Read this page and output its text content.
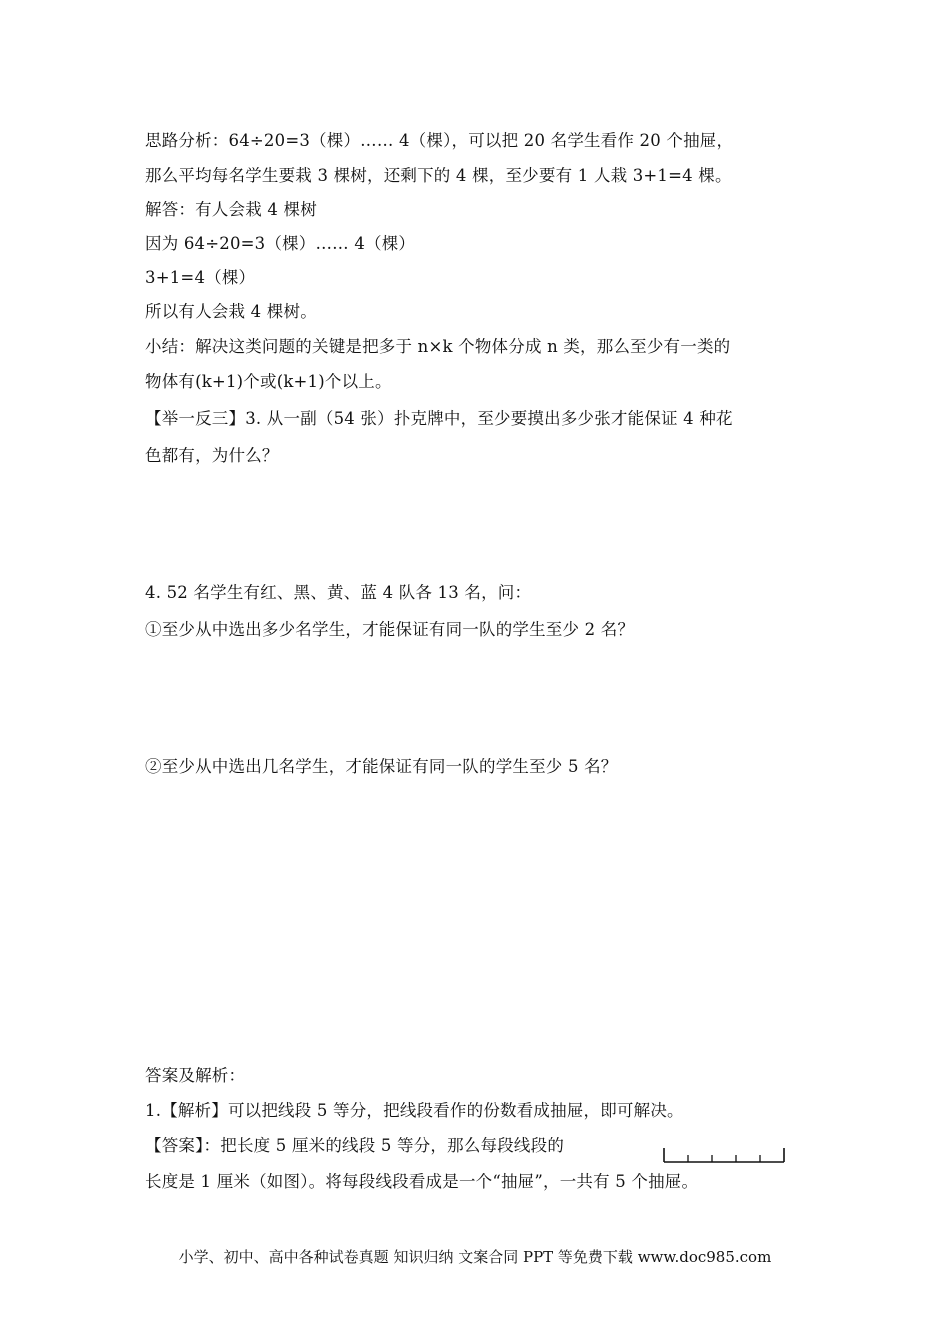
思路分析：64÷20=3（棵）…… 4（棵），可以把 20 名学生看作 20 个抽屉，
那么平均每名学生要栽 3 棵树，还剩下的 4 棵，至少要有 1 人栽 3+1=4 棵。
解答：有人会栽 4 棵树
因为 64÷20=3（棵）…… 4（棵）
3+1=4（棵）
所以有人会栽 4 棵树。
小结：解决这类问题的关键是把多于 n×k 个物体分成 n 类，那么至少有一类的
物体有(k+1)个或(k+1)个以上。
【举一反三】3. 从一副（54 张）扑克牌中，至少要摸出多少张才能保证 4 种花
色都有，为什么？
4. 52 名学生有红、黑、黄、蓝 4 队各 13 名，问：
①至少从中选出多少名学生，才能保证有同一队的学生至少 2 名？
②至少从中选出几名学生，才能保证有同一队的学生至少 5 名？
答案及解析：
1.【解析】可以把线段 5 等分，把线段看作的份数看成抽屉，即可解决。
【答案】：把长度 5 厘米的线段 5 等分，那么每段线段的
长度是 1 厘米（如图）。将每段线段看成是一个“抽屉”，一共有 5 个抽屉。
小学、初中、高中各种试卷真题 知识归纳 文案合同 PPT 等免费下载 www.doc985.com
